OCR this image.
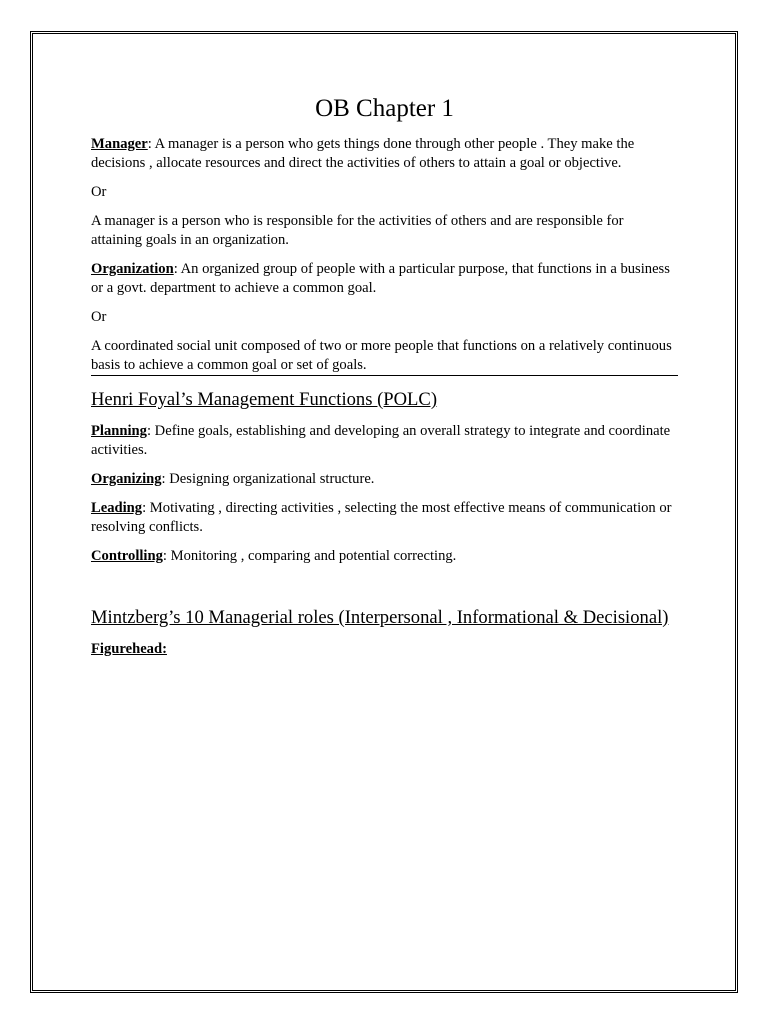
OB Chapter 1

Manager: A manager is a person who gets things done through other people . They make the decisions , allocate resources and direct the activities of others to attain a goal or objective.

Or

A manager is a person who is responsible for the activities of others and are responsible for attaining goals in an organization.

Organization: An organized group of people with a particular purpose, that functions in a business or a govt. department to achieve a common goal.

Or

A coordinated social unit composed of two or more people that functions on a relatively continuous basis to achieve a common goal or set of goals.

Henri Foyal’s Management Functions (POLC)

Planning: Define goals, establishing and developing an overall strategy to integrate and coordinate activities.

Organizing: Designing organizational structure.

Leading: Motivating , directing activities , selecting the most effective means of communication or resolving conflicts.

Controlling: Monitoring , comparing and potential correcting.

Mintzberg’s 10 Managerial roles (Interpersonal , Informational & Decisional)

Figurehead:
